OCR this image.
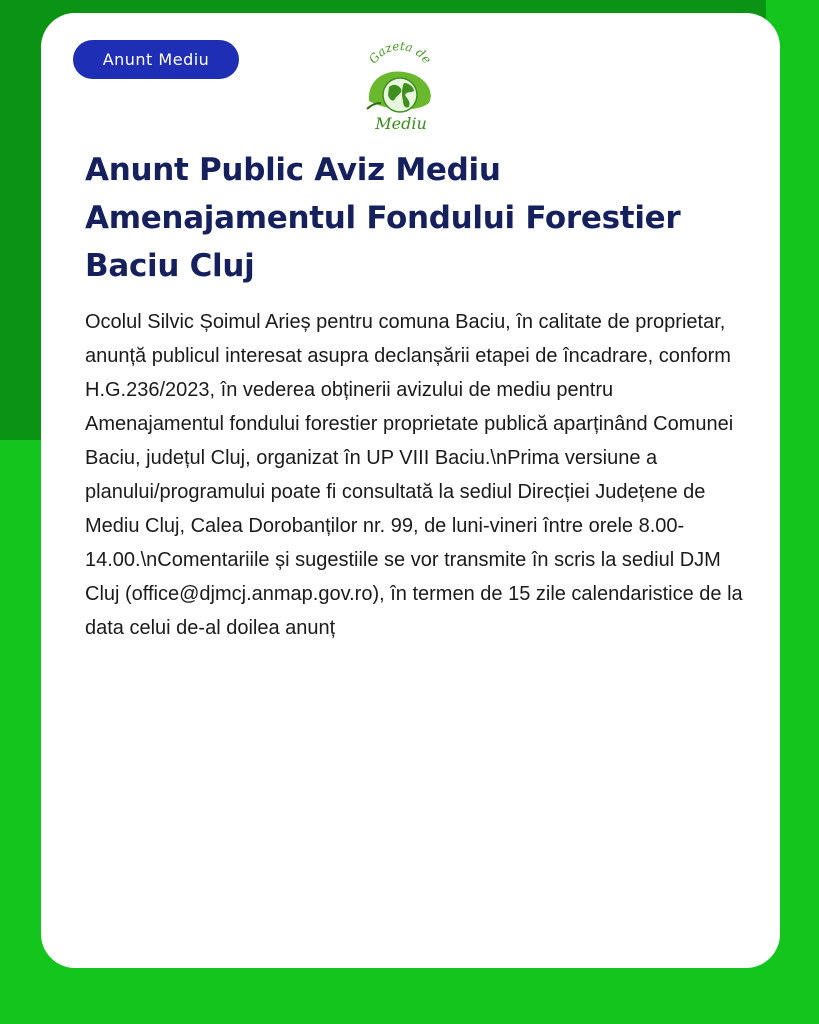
Anunt Mediu	Gazeta de
Mediu
Anunt Public Aviz Mediu Amenajamentul Fondului Forestier Baciu Cluj

Ocolul Silvic Șoimul Arieș pentru comuna Baciu, în calitate de proprietar, anunță publicul interesat asupra declanșării etapei de încadrare, conform H.G.236/2023, în vederea obținerii avizului de mediu pentru Amenajamentul fondului forestier proprietate publică aparținând Comunei Baciu, județul Cluj, organizat în UP VIII Baciu.\nPrima versiune a planului/programului poate fi consultată la sediul Direcției Județene de Mediu Cluj, Calea Dorobanților nr. 99, de luni-vineri între orele 8.00-14.00.\nComentariile și sugestiile se vor transmite în scris la sediul DJM Cluj (office@djmcj.anmap.gov.ro), în termen de 15 zile calendaristice de la data celui de-al doilea anunț
